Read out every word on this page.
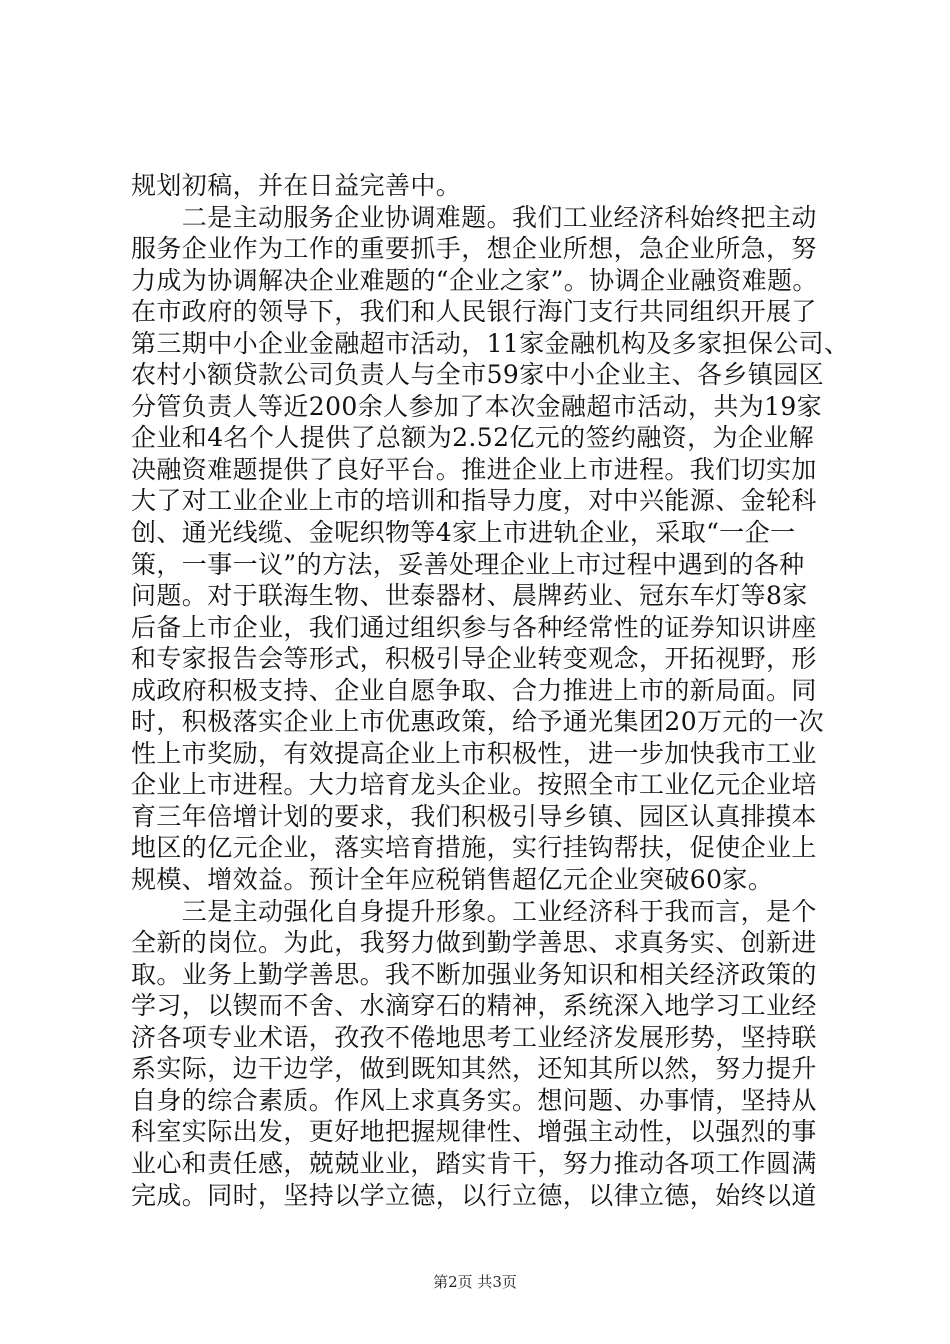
规划初稿，并在日益完善中。
　　二是主动服务企业协调难题。我们工业经济科始终把主动
服务企业作为工作的重要抓手，想企业所想，急企业所急，努
力成为协调解决企业难题的“企业之家”。协调企业融资难题。
在市政府的领导下，我们和人民银行海门支行共同组织开展了
第三期中小企业金融超市活动，11家金融机构及多家担保公司、
农村小额贷款公司负责人与全市59家中小企业主、各乡镇园区
分管负责人等近200余人参加了本次金融超市活动，共为19家
企业和4名个人提供了总额为2.52亿元的签约融资，为企业解
决融资难题提供了良好平台。推进企业上市进程。我们切实加
大了对工业企业上市的培训和指导力度，对中兴能源、金轮科
创、通光线缆、金呢织物等4家上市进轨企业，采取“一企一
策，一事一议”的方法，妥善处理企业上市过程中遇到的各种
问题。对于联海生物、世泰器材、晨牌药业、冠东车灯等8家
后备上市企业，我们通过组织参与各种经常性的证券知识讲座
和专家报告会等形式，积极引导企业转变观念，开拓视野，形
成政府积极支持、企业自愿争取、合力推进上市的新局面。同
时，积极落实企业上市优惠政策，给予通光集团20万元的一次
性上市奖励，有效提高企业上市积极性，进一步加快我市工业
企业上市进程。大力培育龙头企业。按照全市工业亿元企业培
育三年倍增计划的要求，我们积极引导乡镇、园区认真排摸本
地区的亿元企业，落实培育措施，实行挂钩帮扶，促使企业上
规模、增效益。预计全年应税销售超亿元企业突破60家。
　　三是主动强化自身提升形象。工业经济科于我而言，是个
全新的岗位。为此，我努力做到勤学善思、求真务实、创新进
取。业务上勤学善思。我不断加强业务知识和相关经济政策的
学习，以锲而不舍、水滴穿石的精神，系统深入地学习工业经
济各项专业术语，孜孜不倦地思考工业经济发展形势，坚持联
系实际，边干边学，做到既知其然，还知其所以然，努力提升
自身的综合素质。作风上求真务实。想问题、办事情，坚持从
科室实际出发，更好地把握规律性、增强主动性，以强烈的事
业心和责任感，兢兢业业，踏实肯干，努力推动各项工作圆满
完成。同时，坚持以学立德，以行立德，以律立德，始终以道
第2页 共3页
